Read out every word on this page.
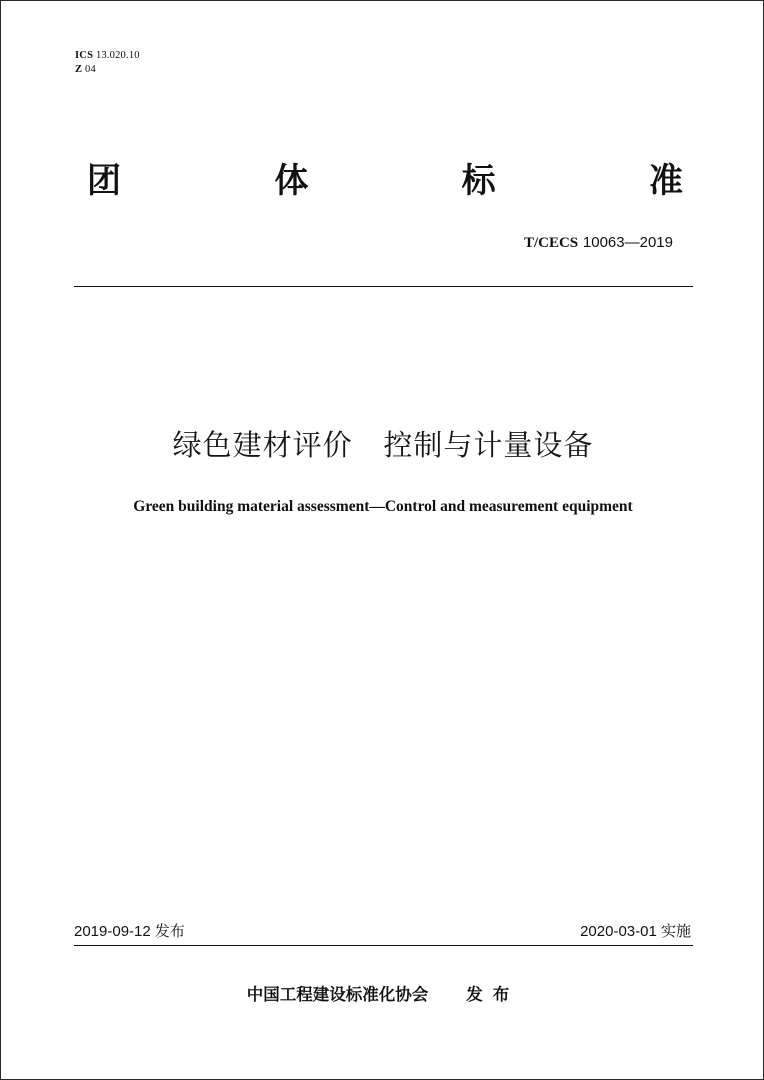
ICS 13.020.10
Z 04
团	体	标	准
T/CECS 10063—2019
绿色建材评价   控制与计量设备
Green building material assessment—Control and measurement equipment
2019-09-12 发布	2020-03-01 实施
中国工程建设标准化协会 发布
